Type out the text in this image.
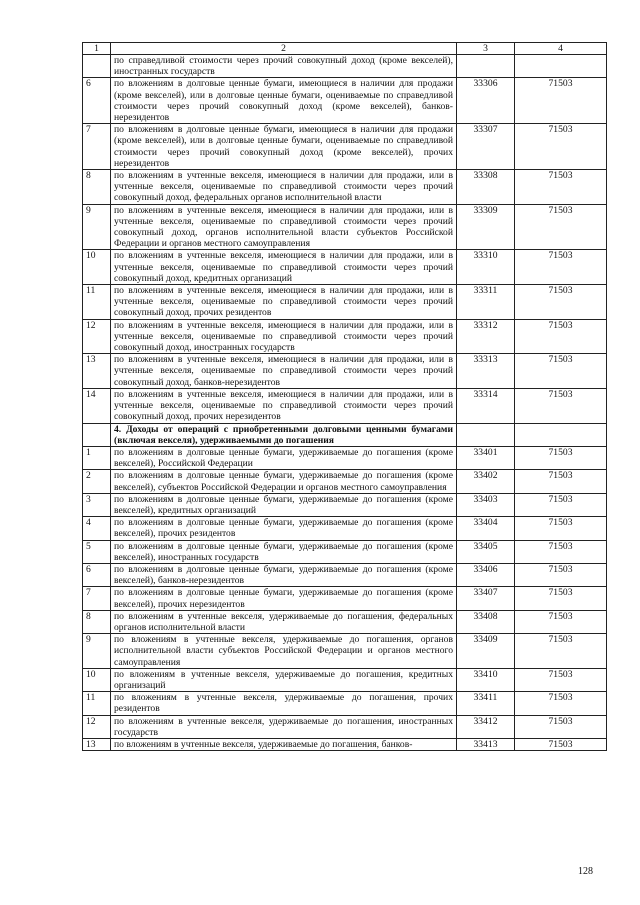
1	2	3	4
	по справедливой стоимости через прочий совокупный доход (кроме векселей), иностранных государств		
6	по вложениям в долговые ценные бумаги, имеющиеся в наличии для продажи (кроме векселей), или в долговые ценные бумаги, оцениваемые по справедливой стоимости через прочий совокупный доход (кроме векселей), банков-нерезидентов	33306	71503
7	по вложениям в долговые ценные бумаги, имеющиеся в наличии для продажи (кроме векселей), или в долговые ценные бумаги, оцениваемые по справедливой стоимости через прочий совокупный доход (кроме векселей), прочих нерезидентов	33307	71503
8	по вложениям в учтенные векселя, имеющиеся в наличии для продажи, или в учтенные векселя, оцениваемые по справедливой стоимости через прочий совокупный доход, федеральных органов исполнительной власти	33308	71503
9	по вложениям в учтенные векселя, имеющиеся в наличии для продажи, или в учтенные векселя, оцениваемые по справедливой стоимости через прочий совокупный доход, органов исполнительной власти субъектов Российской Федерации и органов местного самоуправления	33309	71503
10	по вложениям в учтенные векселя, имеющиеся в наличии для продажи, или в учтенные векселя, оцениваемые по справедливой стоимости через прочий совокупный доход, кредитных организаций	33310	71503
11	по вложениям в учтенные векселя, имеющиеся в наличии для продажи, или в учтенные векселя, оцениваемые по справедливой стоимости через прочий совокупный доход, прочих резидентов	33311	71503
12	по вложениям в учтенные векселя, имеющиеся в наличии для продажи, или в учтенные векселя, оцениваемые по справедливой стоимости через прочий совокупный доход, иностранных государств	33312	71503
13	по вложениям в учтенные векселя, имеющиеся в наличии для продажи, или в учтенные векселя, оцениваемые по справедливой стоимости через прочий совокупный доход, банков-нерезидентов	33313	71503
14	по вложениям в учтенные векселя, имеющиеся в наличии для продажи, или в учтенные векселя, оцениваемые по справедливой стоимости через прочий совокупный доход, прочих нерезидентов	33314	71503
	4. Доходы от операций с приобретенными долговыми ценными бумагами (включая векселя), удерживаемыми до погашения		
1	по вложениям в долговые ценные бумаги, удерживаемые до погашения (кроме векселей), Российской Федерации	33401	71503
2	по вложениям в долговые ценные бумаги, удерживаемые до погашения (кроме векселей), субъектов Российской Федерации и органов местного самоуправления	33402	71503
3	по вложениям в долговые ценные бумаги, удерживаемые до погашения (кроме векселей), кредитных организаций	33403	71503
4	по вложениям в долговые ценные бумаги, удерживаемые до погашения (кроме векселей), прочих резидентов	33404	71503
5	по вложениям в долговые ценные бумаги, удерживаемые до погашения (кроме векселей), иностранных государств	33405	71503
6	по вложениям в долговые ценные бумаги, удерживаемые до погашения (кроме векселей), банков-нерезидентов	33406	71503
7	по вложениям в долговые ценные бумаги, удерживаемые до погашения (кроме векселей), прочих нерезидентов	33407	71503
8	по вложениям в учтенные векселя, удерживаемые до погашения, федеральных органов исполнительной власти	33408	71503
9	по вложениям в учтенные векселя, удерживаемые до погашения, органов исполнительной власти субъектов Российской Федерации и органов местного самоуправления	33409	71503
10	по вложениям в учтенные векселя, удерживаемые до погашения, кредитных организаций	33410	71503
11	по вложениям в учтенные векселя, удерживаемые до погашения, прочих резидентов	33411	71503
12	по вложениям в учтенные векселя, удерживаемые до погашения, иностранных государств	33412	71503
13	по вложениям в учтенные векселя, удерживаемые до погашения, банков-	33413	71503
128
